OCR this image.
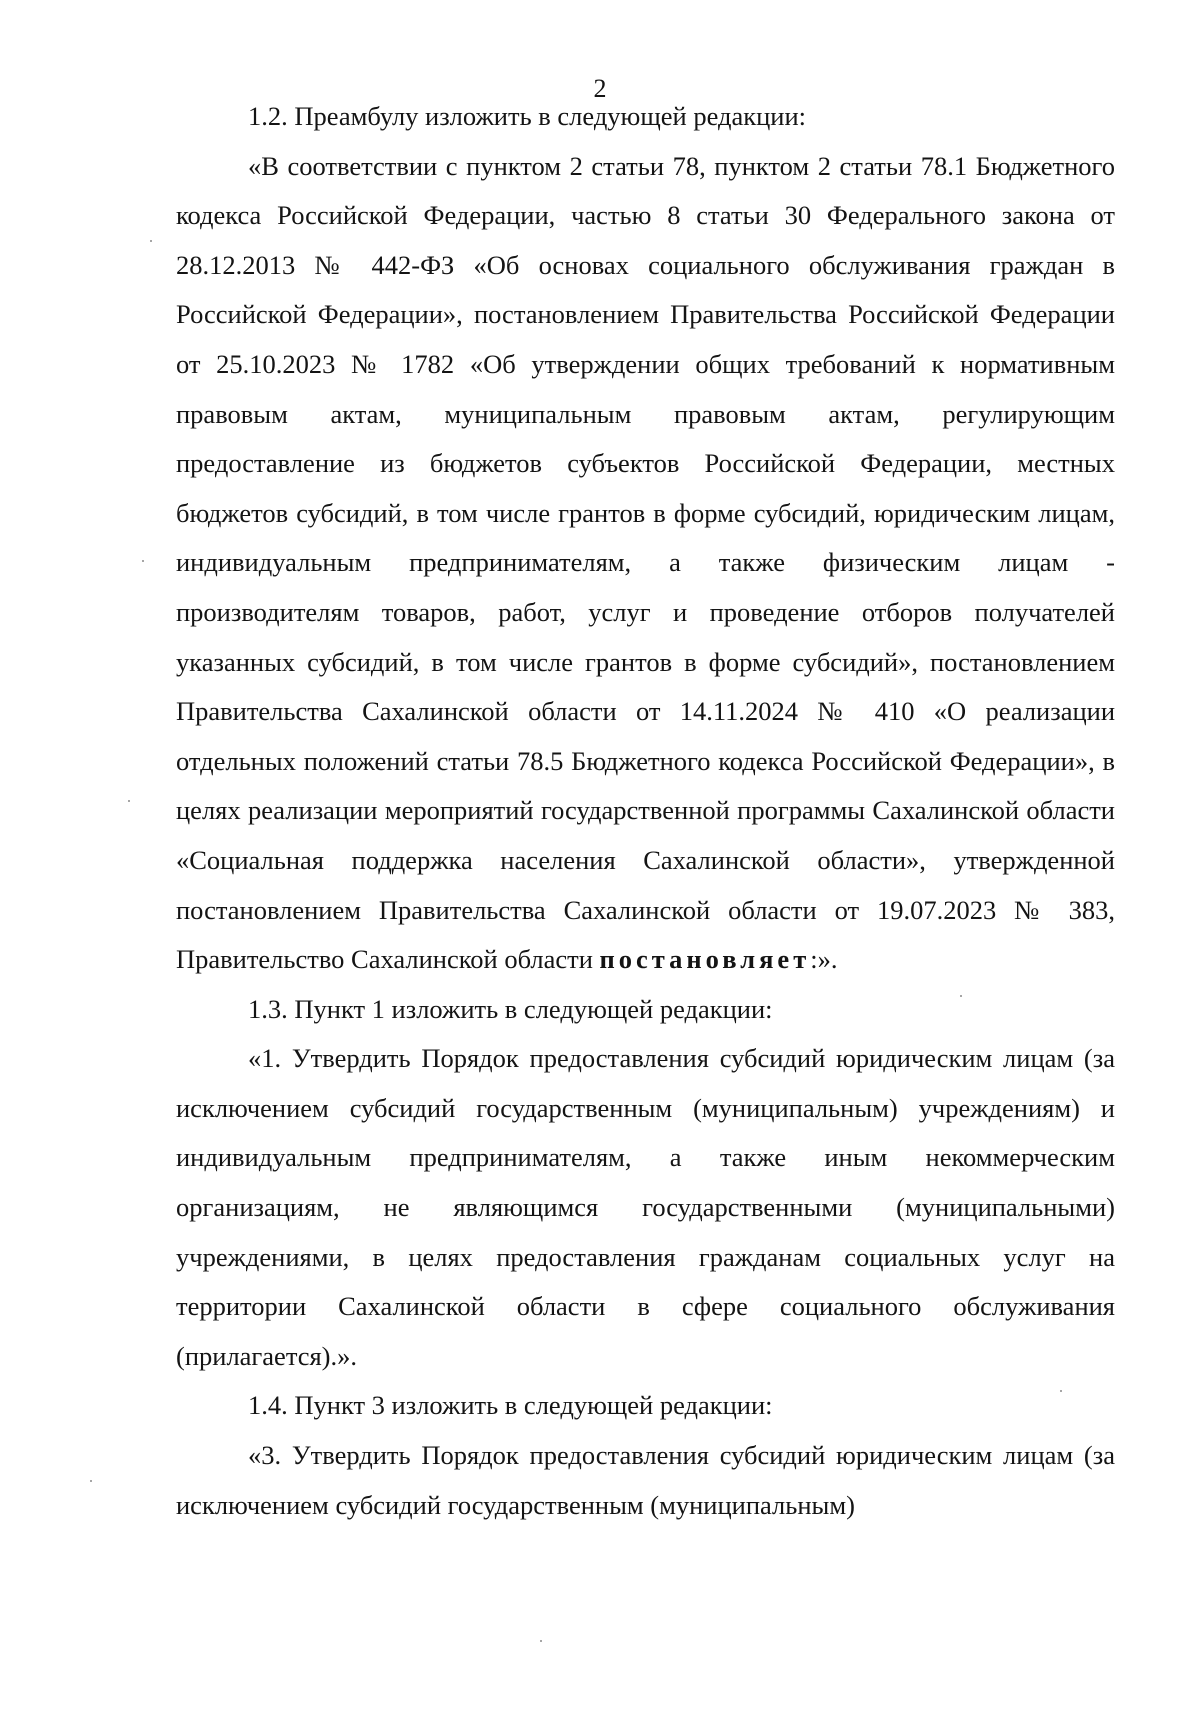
2

1.2. Преамбулу изложить в следующей редакции:

«В соответствии с пунктом 2 статьи 78, пунктом 2 статьи 78.1 Бюджетного кодекса Российской Федерации, частью 8 статьи 30 Федерального закона от 28.12.2013 № 442-ФЗ «Об основах социального обслуживания граждан в Российской Федерации», постановлением Правительства Российской Федерации от 25.10.2023 № 1782 «Об утверждении общих требований к нормативным правовым актам, муниципальным правовым актам, регулирующим предоставление из бюджетов субъектов Российской Федерации, местных бюджетов субсидий, в том числе грантов в форме субсидий, юридическим лицам, индивидуальным предпринимателям, а также физическим лицам - производителям товаров, работ, услуг и проведение отборов получателей указанных субсидий, в том числе грантов в форме субсидий», постановлением Правительства Сахалинской области от 14.11.2024 № 410 «О реализации отдельных положений статьи 78.5 Бюджетного кодекса Российской Федерации», в целях реализации мероприятий государственной программы Сахалинской области «Социальная поддержка населения Сахалинской области», утвержденной постановлением Правительства Сахалинской области от 19.07.2023 № 383, Правительство Сахалинской области постановляет:».

1.3. Пункт 1 изложить в следующей редакции:

«1. Утвердить Порядок предоставления субсидий юридическим лицам (за исключением субсидий государственным (муниципальным) учреждениям) и индивидуальным предпринимателям, а также иным некоммерческим организациям, не являющимся государственными (муниципальными) учреждениями, в целях предоставления гражданам социальных услуг на территории Сахалинской области в сфере социального обслуживания (прилагается).».

1.4. Пункт 3 изложить в следующей редакции:

«3. Утвердить Порядок предоставления субсидий юридическим лицам (за исключением субсидий государственным (муниципальным)
